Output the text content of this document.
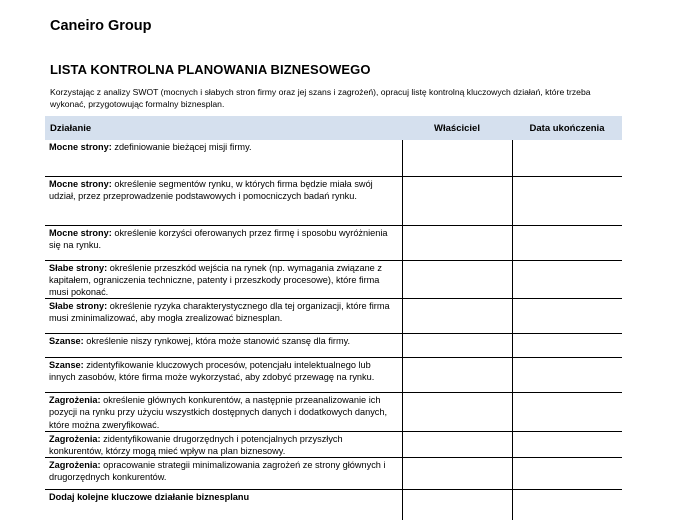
Caneiro Group
LISTA KONTROLNA PLANOWANIA BIZNESOWEGO
Korzystając z analizy SWOT (mocnych i słabych stron firmy oraz jej szans i zagrożeń), opracuj listę kontrolną kluczowych działań, które trzeba wykonać, przygotowując formalny biznesplan.
Działanie	Właściciel	Data ukończenia
Mocne strony: zdefiniowanie bieżącej misji firmy.		
Mocne strony: określenie segmentów rynku, w których firma będzie miała swój udział, przez przeprowadzenie podstawowych i pomocniczych badań rynku.		
Mocne strony: określenie korzyści oferowanych przez firmę i sposobu wyróżnienia się na rynku.		
Słabe strony: określenie przeszkód wejścia na rynek (np. wymagania związane z kapitałem, ograniczenia techniczne, patenty i przeszkody procesowe), które firma musi pokonać.		
Słabe strony: określenie ryzyka charakterystycznego dla tej organizacji, które firma musi zminimalizować, aby mogła zrealizować biznesplan.		
Szanse: określenie niszy rynkowej, która może stanowić szansę dla firmy.		
Szanse: zidentyfikowanie kluczowych procesów, potencjału intelektualnego lub innych zasobów, które firma może wykorzystać, aby zdobyć przewagę na rynku.		
Zagrożenia: określenie głównych konkurentów, a następnie przeanalizowanie ich pozycji na rynku przy użyciu wszystkich dostępnych danych i dodatkowych danych, które można zweryfikować.		
Zagrożenia: zidentyfikowanie drugorzędnych i potencjalnych przyszłych konkurentów, którzy mogą mieć wpływ na plan biznesowy.		
Zagrożenia: opracowanie strategii minimalizowania zagrożeń ze strony głównych i drugorzędnych konkurentów.		
Dodaj kolejne kluczowe działanie biznesplanu		
